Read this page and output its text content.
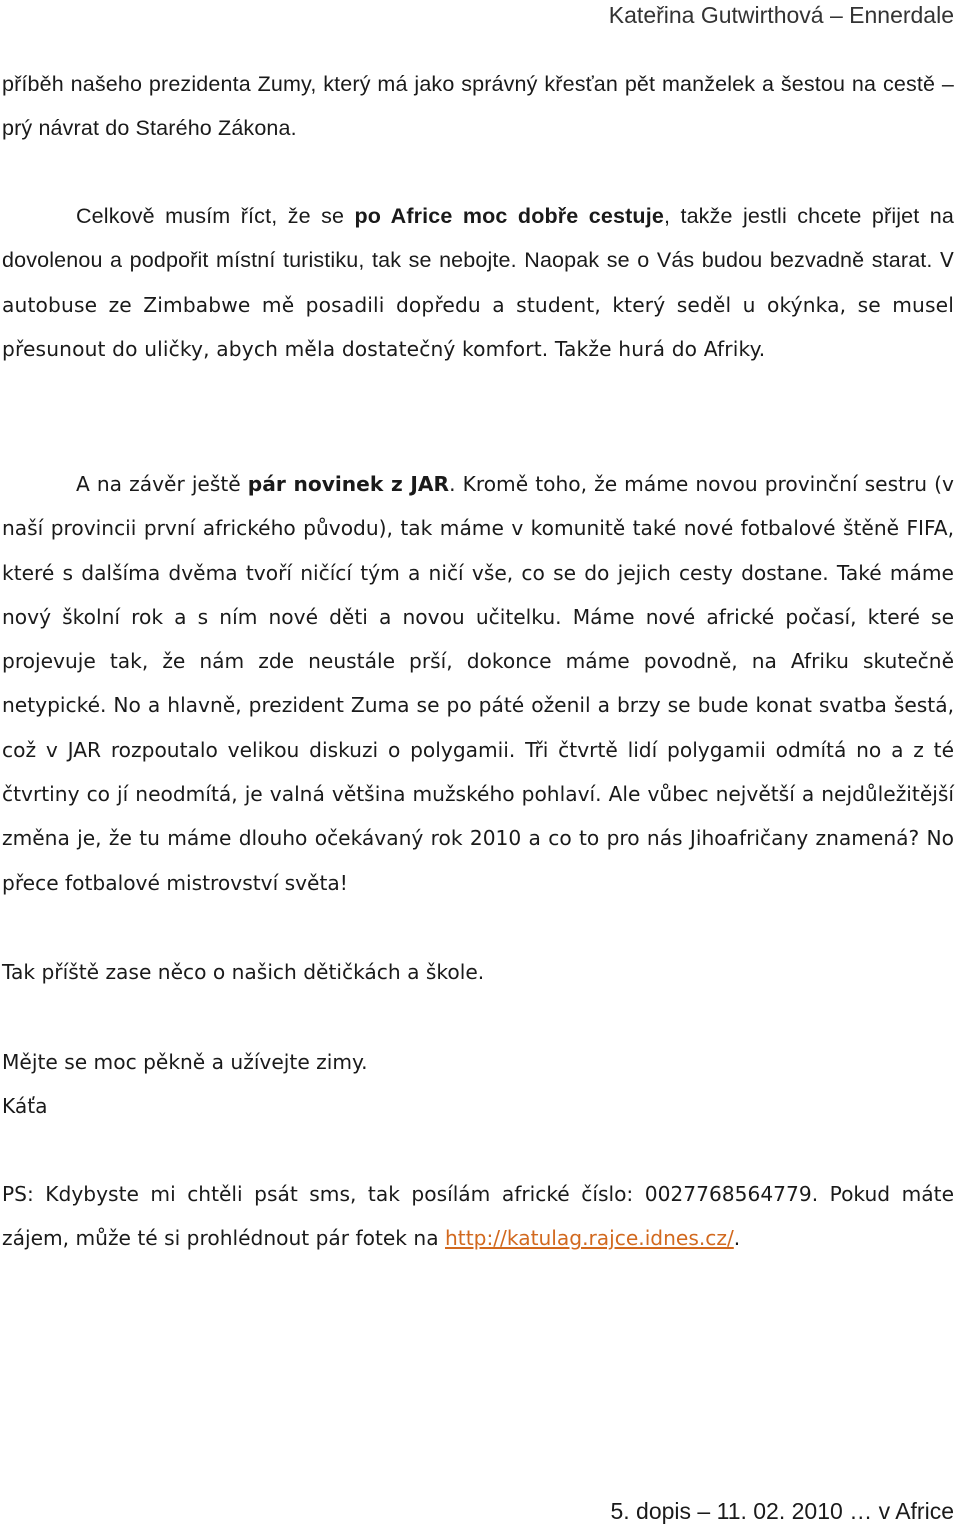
Kateřina Gutwirthová – Ennerdale

příběh našeho prezidenta Zumy, který má jako správný křesťan pět manželek a šestou na cestě – prý návrat do Starého Zákona.

Celkově musím říct, že se po Africe moc dobře cestuje, takže jestli chcete přijet na dovolenou a podpořit místní turistiku, tak se nebojte. Naopak se o Vás budou bezvadně starat. V autobuse ze Zimbabwe mě posadili dopředu a student, který seděl u okýnka, se musel přesunout do uličky, abych měla dostatečný komfort. Takže hurá do Afriky.

A na závěr ještě pár novinek z JAR. Kromě toho, že máme novou provinční sestru (v naší provincii první afrického původu), tak máme v komunitě také nové fotbalové štěně FIFA, které s dalšíma dvěma tvoří ničící tým a ničí vše, co se do jejich cesty dostane. Také máme nový školní rok a s ním nové děti a novou učitelku. Máme nové africké počasí, které se projevuje tak, že nám zde neustále prší, dokonce máme povodně, na Afriku skutečně netypické. No a hlavně, prezident Zuma se po páté oženil a brzy se bude konat svatba šestá, což v JAR rozpoutalo velikou diskuzi o polygamii. Tři čtvrtě lidí polygamii odmítá no a z té čtvrtiny co jí neodmítá, je valná většina mužského pohlaví. Ale vůbec největší a nejdůležitější změna je, že tu máme dlouho očekávaný rok 2010 a co to pro nás Jihoafričany znamená? No přece fotbalové mistrovství světa!

Tak příště zase něco o našich dětičkách a škole.

Mějte se moc pěkně a užívejte zimy.

Káťa

PS: Kdybyste mi chtěli psát sms, tak posílám africké číslo: 0027768564779. Pokud máte zájem, může té si prohlédnout pár fotek na http://katulag.rajce.idnes.cz/.

5. dopis – 11. 02. 2010 … v Africe
